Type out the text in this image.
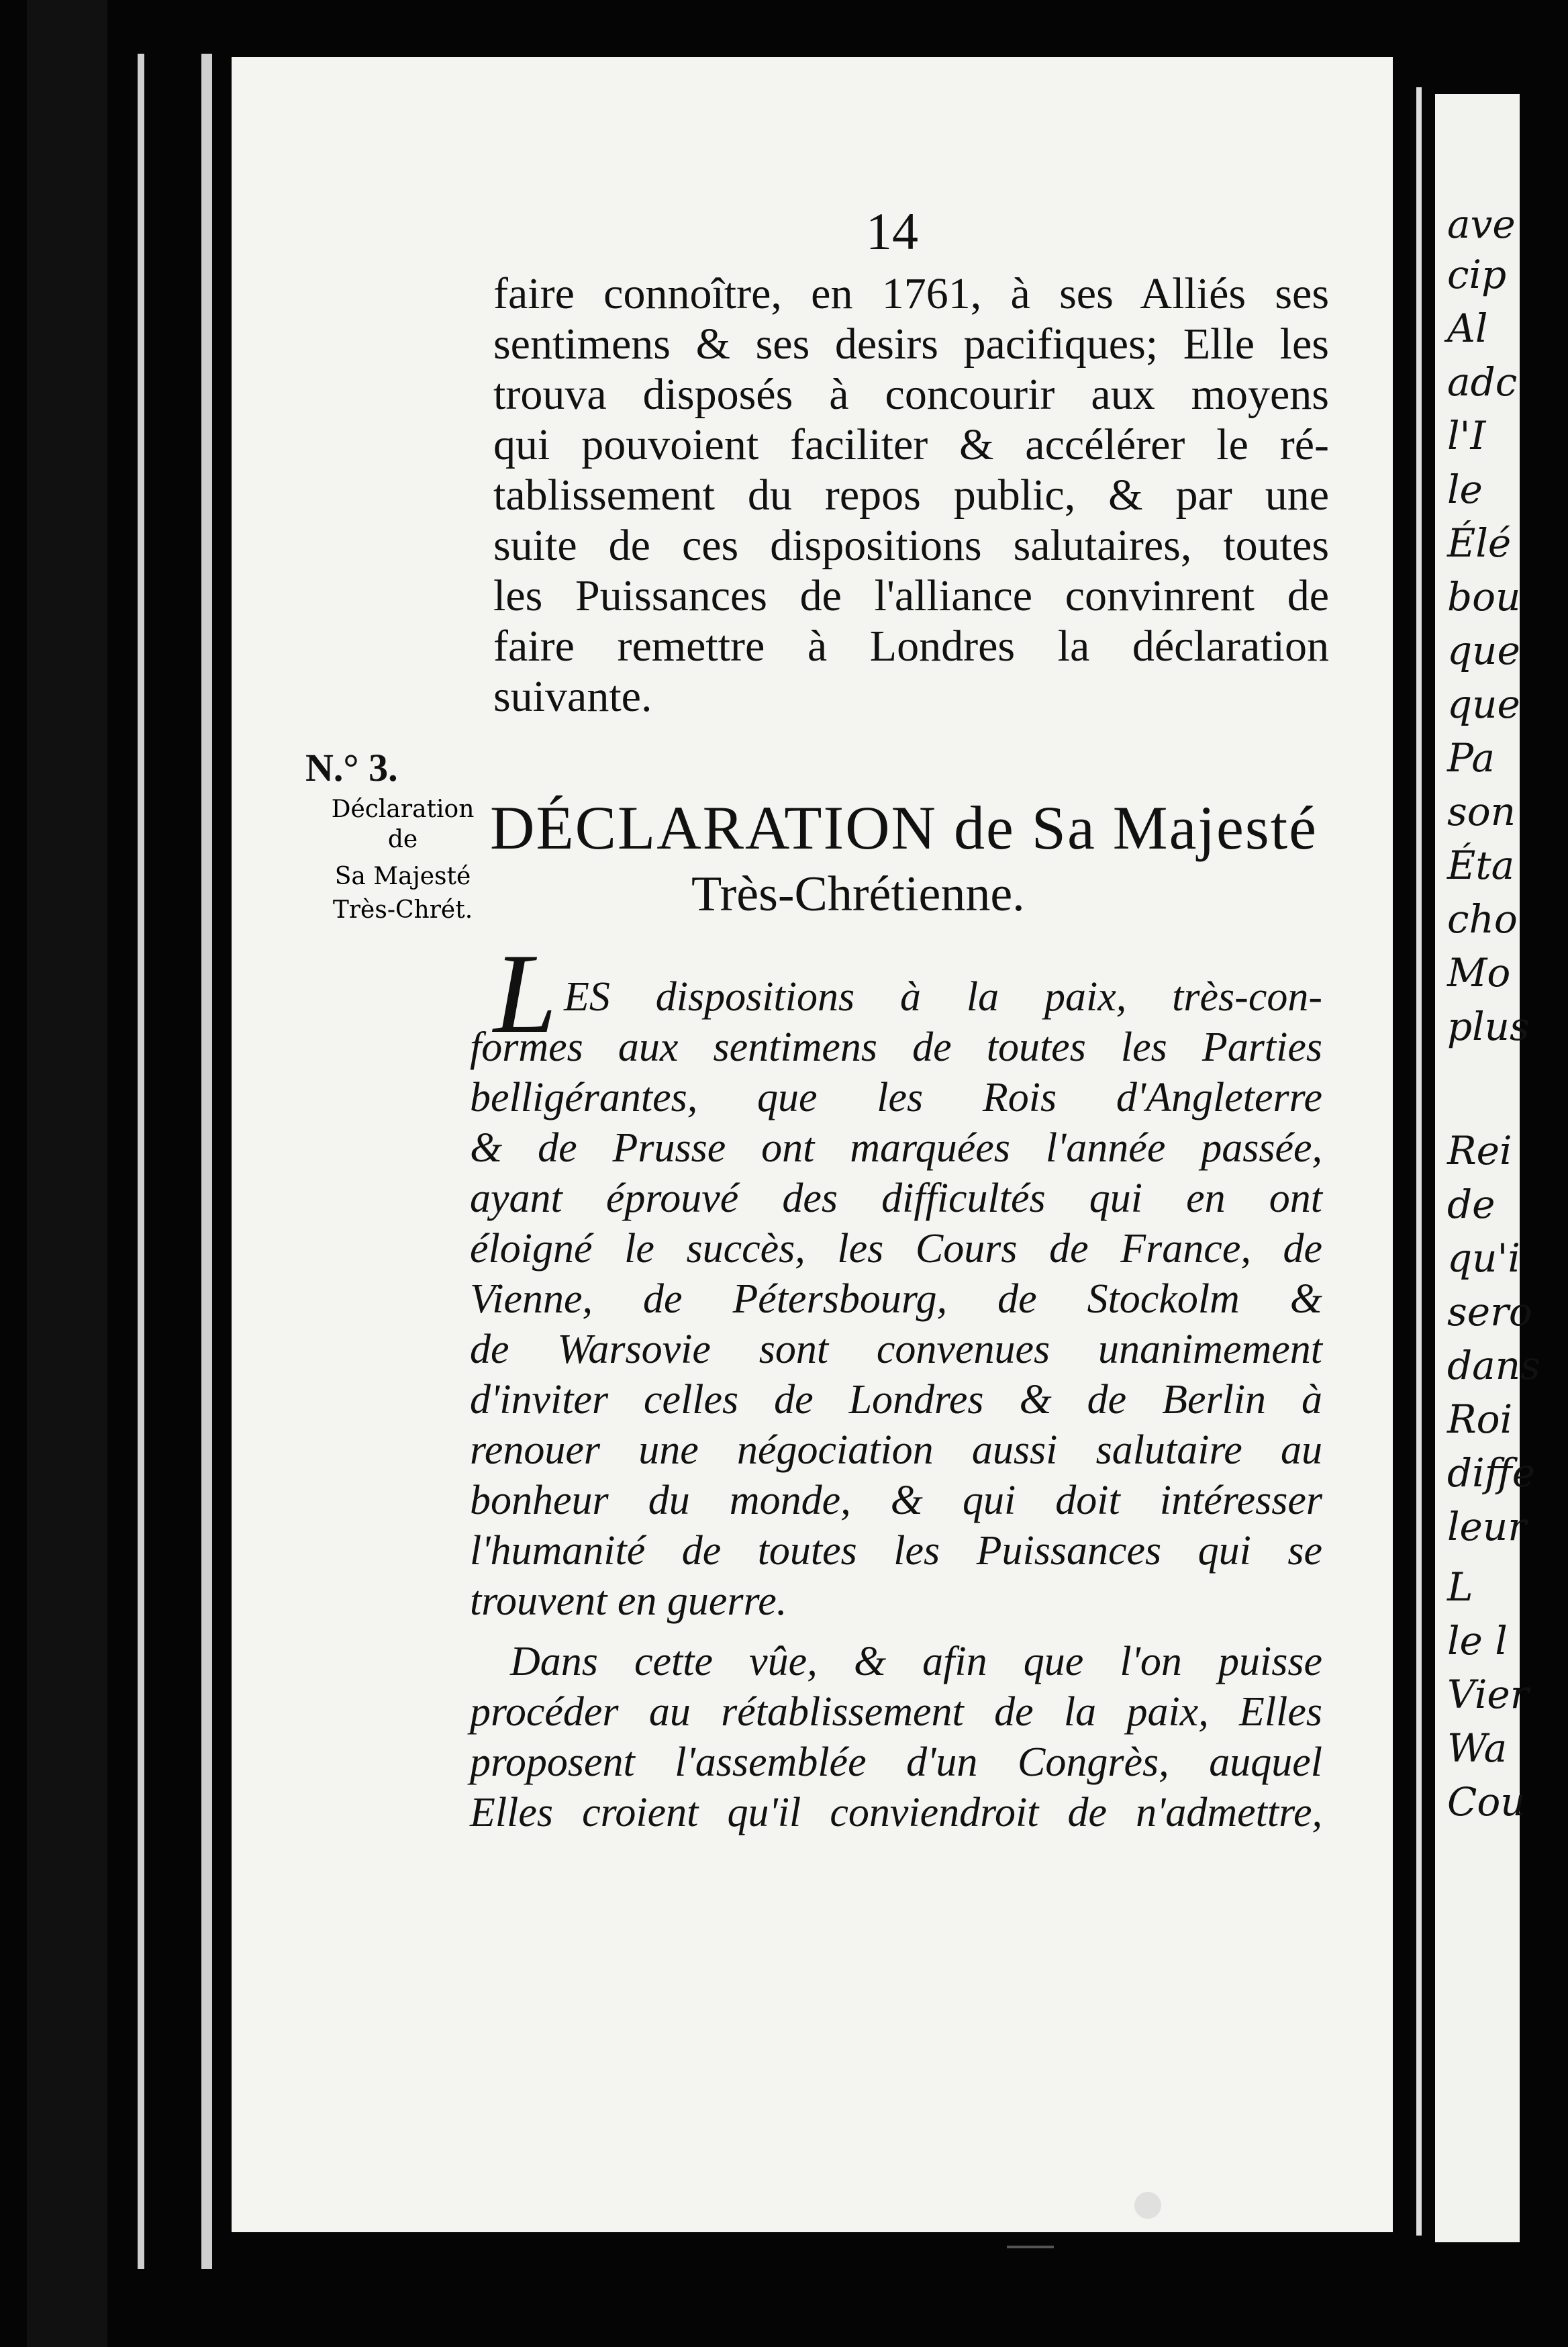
ave
cip
Al
adc
l'I
le
Élé
bou
que
que
Pa
son
Éta
cho
Mo
plus
Rei
de
qu'i
sero
dans
Roi
diffe
leur
L
le l
Vier
Wa
Cou
14
faire connoître, en 1761, à ses Alliés ses
sentimens & ses desirs pacifiques; Elle les
trouva disposés à concourir aux moyens
qui pouvoient faciliter & accélérer le ré-
tablissement du repos public, & par une
suite de ces dispositions salutaires, toutes
les Puissances de l'alliance convinrent de
faire remettre à Londres la déclaration
suivante.
N.° 3.
Déclaration
de
Sa Majesté
Très-Chrét.
DÉCLARATION de Sa Majesté
Très-Chrétienne.
L ES dispositions à la paix, très-con-
formes aux sentimens de toutes les Parties
belligérantes, que les Rois d'Angleterre
& de Prusse ont marquées l'année passée,
ayant éprouvé des difficultés qui en ont
éloigné le succès, les Cours de France, de
Vienne, de Pétersbourg, de Stockolm &
de Warsovie sont convenues unanimement
d'inviter celles de Londres & de Berlin à
renouer une négociation aussi salutaire au
bonheur du monde, & qui doit intéresser
l'humanité de toutes les Puissances qui se
trouvent en guerre.
Dans cette vûe, & afin que l'on puisse
procéder au rétablissement de la paix, Elles
proposent l'assemblée d'un Congrès, auquel
Elles croient qu'il conviendroit de n'admettre,
